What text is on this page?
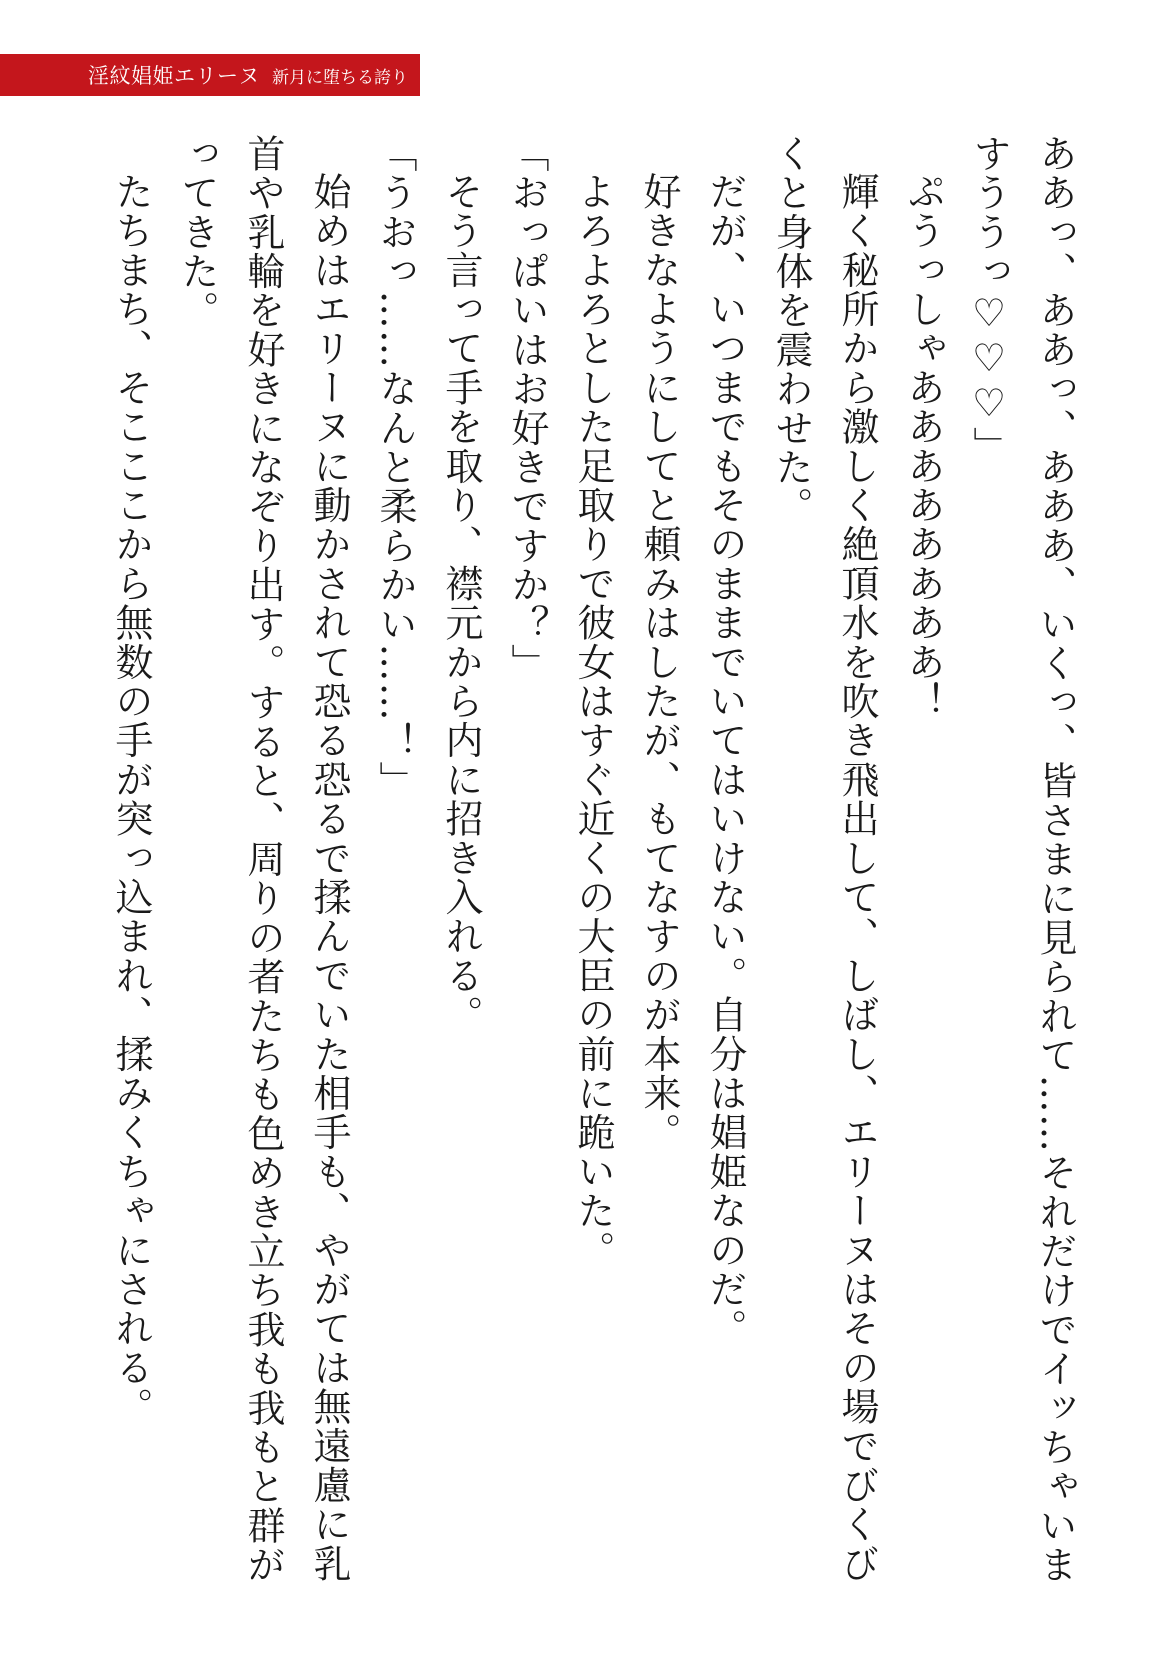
淫紋娼姫エリーヌ 新月に堕ちる誇り

ああっ、ああっ、あああ、いくっ、皆さまに見られて……それだけでイッちゃいますううっ♡♡♡」

ぷうっしゃああああああああ！

輝く秘所から激しく絶頂水を吹き飛出して、しばし、エリーヌはその場でびくびくと身体を震わせた。

だが、いつまでもそのままでいてはいけない。自分は娼姫なのだ。

好きなようにしてと頼みはしたが、もてなすのが本来。

よろよろとした足取りで彼女はすぐ近くの大臣の前に跪いた。

「おっぱいはお好きですか？」

そう言って手を取り、襟元から内に招き入れる。

「うおっ……なんと柔らかい……！」

始めはエリーヌに動かされて恐る恐るで揉んでいた相手も、やがては無遠慮に乳首や乳輪を好きになぞり出す。すると、周りの者たちも色めき立ち我も我もと群がってきた。

たちまち、そこここから無数の手が突っ込まれ、揉みくちゃにされる。
